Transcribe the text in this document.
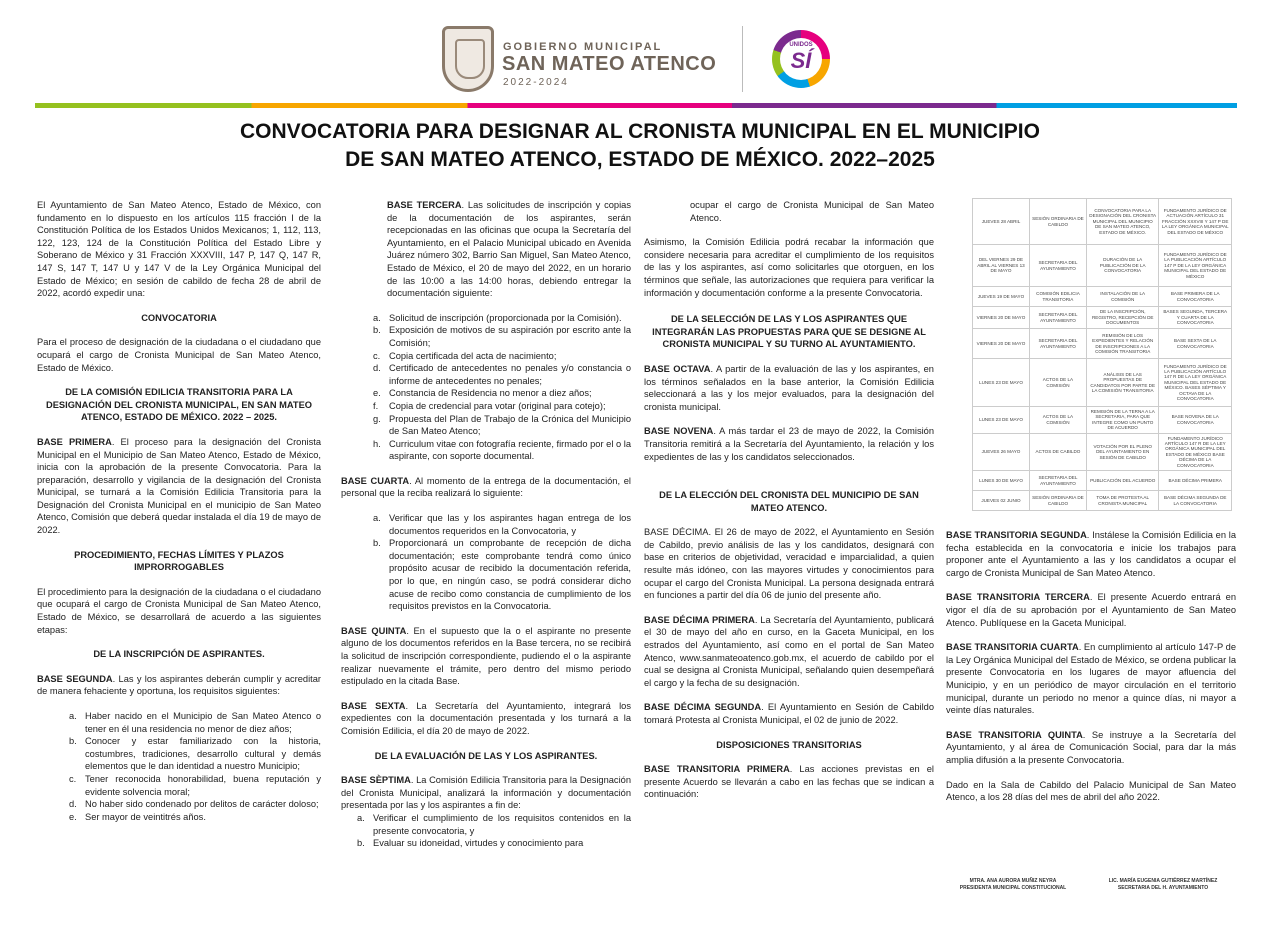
GOBIERNO MUNICIPAL
SAN MATEO ATENCO
2022-2024
UNIDOS
SÍ
CONVOCATORIA PARA DESIGNAR AL CRONISTA MUNICIPAL EN EL MUNICIPIO
DE SAN MATEO ATENCO, ESTADO DE MÉXICO. 2022–2025

El Ayuntamiento de San Mateo Atenco, Estado de México, con fundamento en lo dispuesto en los artículos 115 fracción I de la Constitución Política de los Estados Unidos Mexicanos; 1, 112, 113, 122, 123, 124 de la Constitución Política del Estado Libre y Soberano de México y 31 Fracción XXXVIII, 147 P, 147 Q, 147 R, 147 S, 147 T, 147 U y 147 V de la Ley Orgánica Municipal del Estado de México; en sesión de cabildo de fecha 28 de abril de 2022, acordó expedir una:

CONVOCATORIA

Para el proceso de designación de la ciudadana o el ciudadano que ocupará el cargo de Cronista Municipal de San Mateo Atenco, Estado de México.

DE LA COMISIÓN EDILICIA TRANSITORIA PARA LA DESIGNACIÓN DEL CRONISTA MUNICIPAL, EN SAN MATEO ATENCO, ESTADO DE MÉXICO. 2022 – 2025.

BASE PRIMERA. El proceso para la designación del Cronista Municipal en el Municipio de San Mateo Atenco, Estado de México, inicia con la aprobación de la presente Convocatoria. Para la preparación, desarrollo y vigilancia de la designación del Cronista Municipal, se turnará a la Comisión Edilicia Transitoria para la Designación del Cronista Municipal en el municipio de San Mateo Atenco, Comisión que deberá quedar instalada el día 19 de mayo de 2022.

PROCEDIMIENTO, FECHAS LÍMITES Y PLAZOS IMPRORROGABLES

El procedimiento para la designación de la ciudadana o el ciudadano que ocupará el cargo de Cronista Municipal de San Mateo Atenco, Estado de México, se desarrollará de acuerdo a las siguientes etapas:

DE LA INSCRIPCIÓN DE ASPIRANTES.

BASE SEGUNDA. Las y los aspirantes deberán cumplir y acreditar de manera fehaciente y oportuna, los requisitos siguientes:

a. Haber nacido en el Municipio de San Mateo Atenco o tener en él una residencia no menor de diez años;
b. Conocer y estar familiarizado con la historia, costumbres, tradiciones, desarrollo cultural y demás elementos que le dan identidad a nuestro Municipio;
c. Tener reconocida honorabilidad, buena reputación y evidente solvencia moral;
d. No haber sido condenado por delitos de carácter doloso;
e. Ser mayor de veintitrés años.

BASE TERCERA. Las solicitudes de inscripción y copias de la documentación de los aspirantes, serán recepcionadas en las oficinas que ocupa la Secretaría del Ayuntamiento, en el Palacio Municipal ubicado en Avenida Juárez número 302, Barrio San Miguel, San Mateo Atenco, Estado de México, el 20 de mayo del 2022, en un horario de las 10:00 a las 14:00 horas, debiendo entregar la documentación siguiente:

a. Solicitud de inscripción (proporcionada por la Comisión).
b. Exposición de motivos de su aspiración por escrito ante la Comisión;
c. Copia certificada del acta de nacimiento;
d. Certificado de antecedentes no penales y/o constancia o informe de antecedentes no penales;
e. Constancia de Residencia no menor a diez años;
f. Copia de credencial para votar (original para cotejo);
g. Propuesta del Plan de Trabajo de la Crónica del Municipio de San Mateo Atenco;
h. Curriculum vitae con fotografía reciente, firmado por el o la aspirante, con soporte documental.

BASE CUARTA. Al momento de la entrega de la documentación, el personal que la reciba realizará lo siguiente:

a. Verificar que las y los aspirantes hagan entrega de los documentos requeridos en la Convocatoria, y
b. Proporcionará un comprobante de recepción de dicha documentación; este comprobante tendrá como único propósito acusar de recibido la documentación referida, por lo que, en ningún caso, se podrá considerar dicho acuse de recibo como constancia de cumplimiento de los requisitos previstos en la Convocatoria.

BASE QUINTA. En el supuesto que la o el aspirante no presente alguno de los documentos referidos en la Base tercera, no se recibirá la solicitud de inscripción correspondiente, pudiendo el o la aspirante realizar nuevamente el trámite, pero dentro del mismo periodo estipulado en la citada Base.

BASE SEXTA. La Secretaría del Ayuntamiento, integrará los expedientes con la documentación presentada y los turnará a la Comisión Edilicia, el día 20 de mayo de 2022.

DE LA EVALUACIÓN DE LAS Y LOS ASPIRANTES.

BASE SÈPTIMA. La Comisión Edilicia Transitoria para la Designación del Cronista Municipal, analizará la información y documentación presentada por las y los aspirantes a fin de:

a. Verificar el cumplimiento de los requisitos contenidos en la presente convocatoria, y
b. Evaluar su idoneidad, virtudes y conocimiento para

ocupar el cargo de Cronista Municipal de San Mateo Atenco.

Asimismo, la Comisión Edilicia podrá recabar la información que considere necesaria para acreditar el cumplimiento de los requisitos de las y los aspirantes, así como solicitarles que otorguen, en los términos que señale, las autorizaciones que requiera para verificar la información y documentación conforme a la presente Convocatoria.

DE LA SELECCIÓN DE LAS Y LOS ASPIRANTES QUE INTEGRARÁN LAS PROPUESTAS PARA QUE SE DESIGNE AL CRONISTA MUNICIPAL Y SU TURNO AL AYUNTAMIENTO.

BASE OCTAVA. A partir de la evaluación de las y los aspirantes, en los términos señalados en la base anterior, la Comisión Edilicia seleccionará a las y los mejor evaluados, para la designación del cronista municipal.

BASE NOVENA. A más tardar el 23 de mayo de 2022, la Comisión Transitoria remitirá a la Secretaría del Ayuntamiento, la relación y los expedientes de las y los candidatos seleccionados.

DE LA ELECCIÓN DEL CRONISTA DEL MUNICIPIO DE SAN MATEO ATENCO.

BASE DÉCIMA. El 26 de mayo de 2022, el Ayuntamiento en Sesión de Cabildo, previo análisis de las y los candidatos, designará con base en criterios de objetividad, veracidad e imparcialidad, a quien resulte más idóneo, con las mayores virtudes y conocimientos para ocupar el cargo del Cronista Municipal. La persona designada entrará en funciones a partir del día 06 de junio del presente año.

BASE DÉCIMA PRIMERA. La Secretaría del Ayuntamiento, publicará el 30 de mayo del año en curso, en la Gaceta Municipal, en los estrados del Ayuntamiento, así como en el portal de San Mateo Atenco, www.sanmateoatenco.gob.mx, el acuerdo de cabildo por el cual se designa al Cronista Municipal, señalando quien desempeñará el cargo y la fecha de su designación.

BASE DÉCIMA SEGUNDA. El Ayuntamiento en Sesión de Cabildo tomará Protesta al Cronista Municipal, el 02 de junio de 2022.

DISPOSICIONES TRANSITORIAS

BASE TRANSITORIA PRIMERA. Las acciones previstas en el presente Acuerdo se llevarán a cabo en las fechas que se indican a continuación:

JUEVES 28 ABRIL	SESIÓN ORDINARIA DE CABILDO	CONVOCATORIA PARA LA DESIGNACIÓN DEL CRONISTA MUNICIPAL DEL MUNICIPIO DE SAN MATEO ATENCO, ESTADO DE MÉXICO.	FUNDAMENTO JURÍDICO DE ACTUACIÓN ARTÍCULO 31 FRACCIÓN XXXVIII Y 147 P DE LA LEY ORGÁNICA MUNICIPAL DEL ESTADO DE MÉXICO
DEL VIERNES 29 DE ABRIL AL VIERNES 13 DE MAYO	SECRETARIA DEL AYUNTAMIENTO	DURACIÓN DE LA PUBLICACIÓN DE LA CONVOCATORIA	FUNDAMENTO JURÍDICO DE LA PUBLICACIÓN ARTÍCULO 147 P DE LA LEY ORGÁNICA MUNICIPAL DEL ESTADO DE MÉXICO
JUEVES 19 DE MAYO	COMISIÓN EDILICIA TRANSITORIA	INSTALACIÓN DE LA COMISIÓN	BASE PRIMERA DE LA CONVOCATORIA
VIERNES 20 DE MAYO	SECRETARIA DEL AYUNTAMIENTO	DE LA INSCRIPCIÓN, REGISTRO, RECEPCIÓN DE DOCUMENTOS	BASES SEGUNDA, TERCERA Y CUARTA DE LA CONVOCATORIA
VIERNES 20 DE MAYO	SECRETARIA DEL AYUNTAMIENTO	REMISIÓN DE LOS EXPEDIENTES Y RELACIÓN DE INSCRIPCIONES A LA COMISIÓN TRANSITORIA	BASE SEXTA DE LA CONVOCATORIA
LUNES 23 DE MAYO	ACTOS DE LA COMISIÓN	ANÁLISIS DE LAS PROPUESTAS DE CANDIDATOS POR PARTE DE LA COMISIÓN TRANSITORIA	FUNDAMENTO JURÍDICO DE LA PUBLICACIÓN ARTÍCULO 147 R DE LA LEY ORGÁNICA MUNICIPAL DEL ESTADO DE MÉXICO. BASES SÉPTIMA Y OCTAVA DE LA CONVOCATORIA
LUNES 23 DE MAYO	ACTOS DE LA COMISIÓN	REMISIÓN DE LA TERNA A LA SECRETARIA, PARA QUE INTEGRE COMO UN PUNTO DE ACUERDO	BASE NOVENA DE LA CONVOCATORIA
JUEVES 26 MAYO	ACTOS DE CABILDO	VOTACIÓN POR EL PLENO DEL AYUNTAMIENTO EN SESIÓN DE CABILDO	FUNDAMENTO JURÍDICO ARTÍCULO 147 R DE LA LEY ORGÁNICA MUNICIPAL DEL ESTADO DE MÉXICO BASE DÉCIMA DE LA CONVOCATORIA
LUNES 30 DE MAYO	SECRETARIA DEL AYUNTAMIENTO	PUBLICACIÓN DEL ACUERDO	BASE DÉCIMA PRIMERA
JUEVES 02 JUNIO	SESIÓN ORDINARIA DE CABILDO	TOMA DE PROTESTA AL CRONISTA MUNICIPAL	BASE DÉCIMA SEGUNDA DE LA CONVOCATORIA

BASE TRANSITORIA SEGUNDA. Instálese la Comisión Edilicia en la fecha establecida en la convocatoria e inicie los trabajos para proponer ante el Ayuntamiento a las y los candidatos a ocupar el cargo de Cronista Municipal de San Mateo Atenco.

BASE TRANSITORIA TERCERA. El presente Acuerdo entrará en vigor el día de su aprobación por el Ayuntamiento de San Mateo Atenco. Publíquese en la Gaceta Municipal.

BASE TRANSITORIA CUARTA. En cumplimiento al artículo 147-P de la Ley Orgánica Municipal del Estado de México, se ordena publicar la presente Convocatoria en los lugares de mayor afluencia del Municipio, y en un periódico de mayor circulación en el territorio municipal, durante un periodo no menor a quince días, ni mayor a veinte días naturales.

BASE TRANSITORIA QUINTA. Se instruye a la Secretaría del Ayuntamiento, y al área de Comunicación Social, para dar la más amplia difusión a la presente Convocatoria.

Dado en la Sala de Cabildo del Palacio Municipal de San Mateo Atenco, a los 28 días del mes de abril del año 2022.

MTRA. ANA AURORA MUÑIZ NEYRA
PRESIDENTA MUNICIPAL CONSTITUCIONAL
LIC. MARÍA EUGENIA GUTIÉRREZ MARTÍNEZ
SECRETARIA DEL H. AYUNTAMIENTO
